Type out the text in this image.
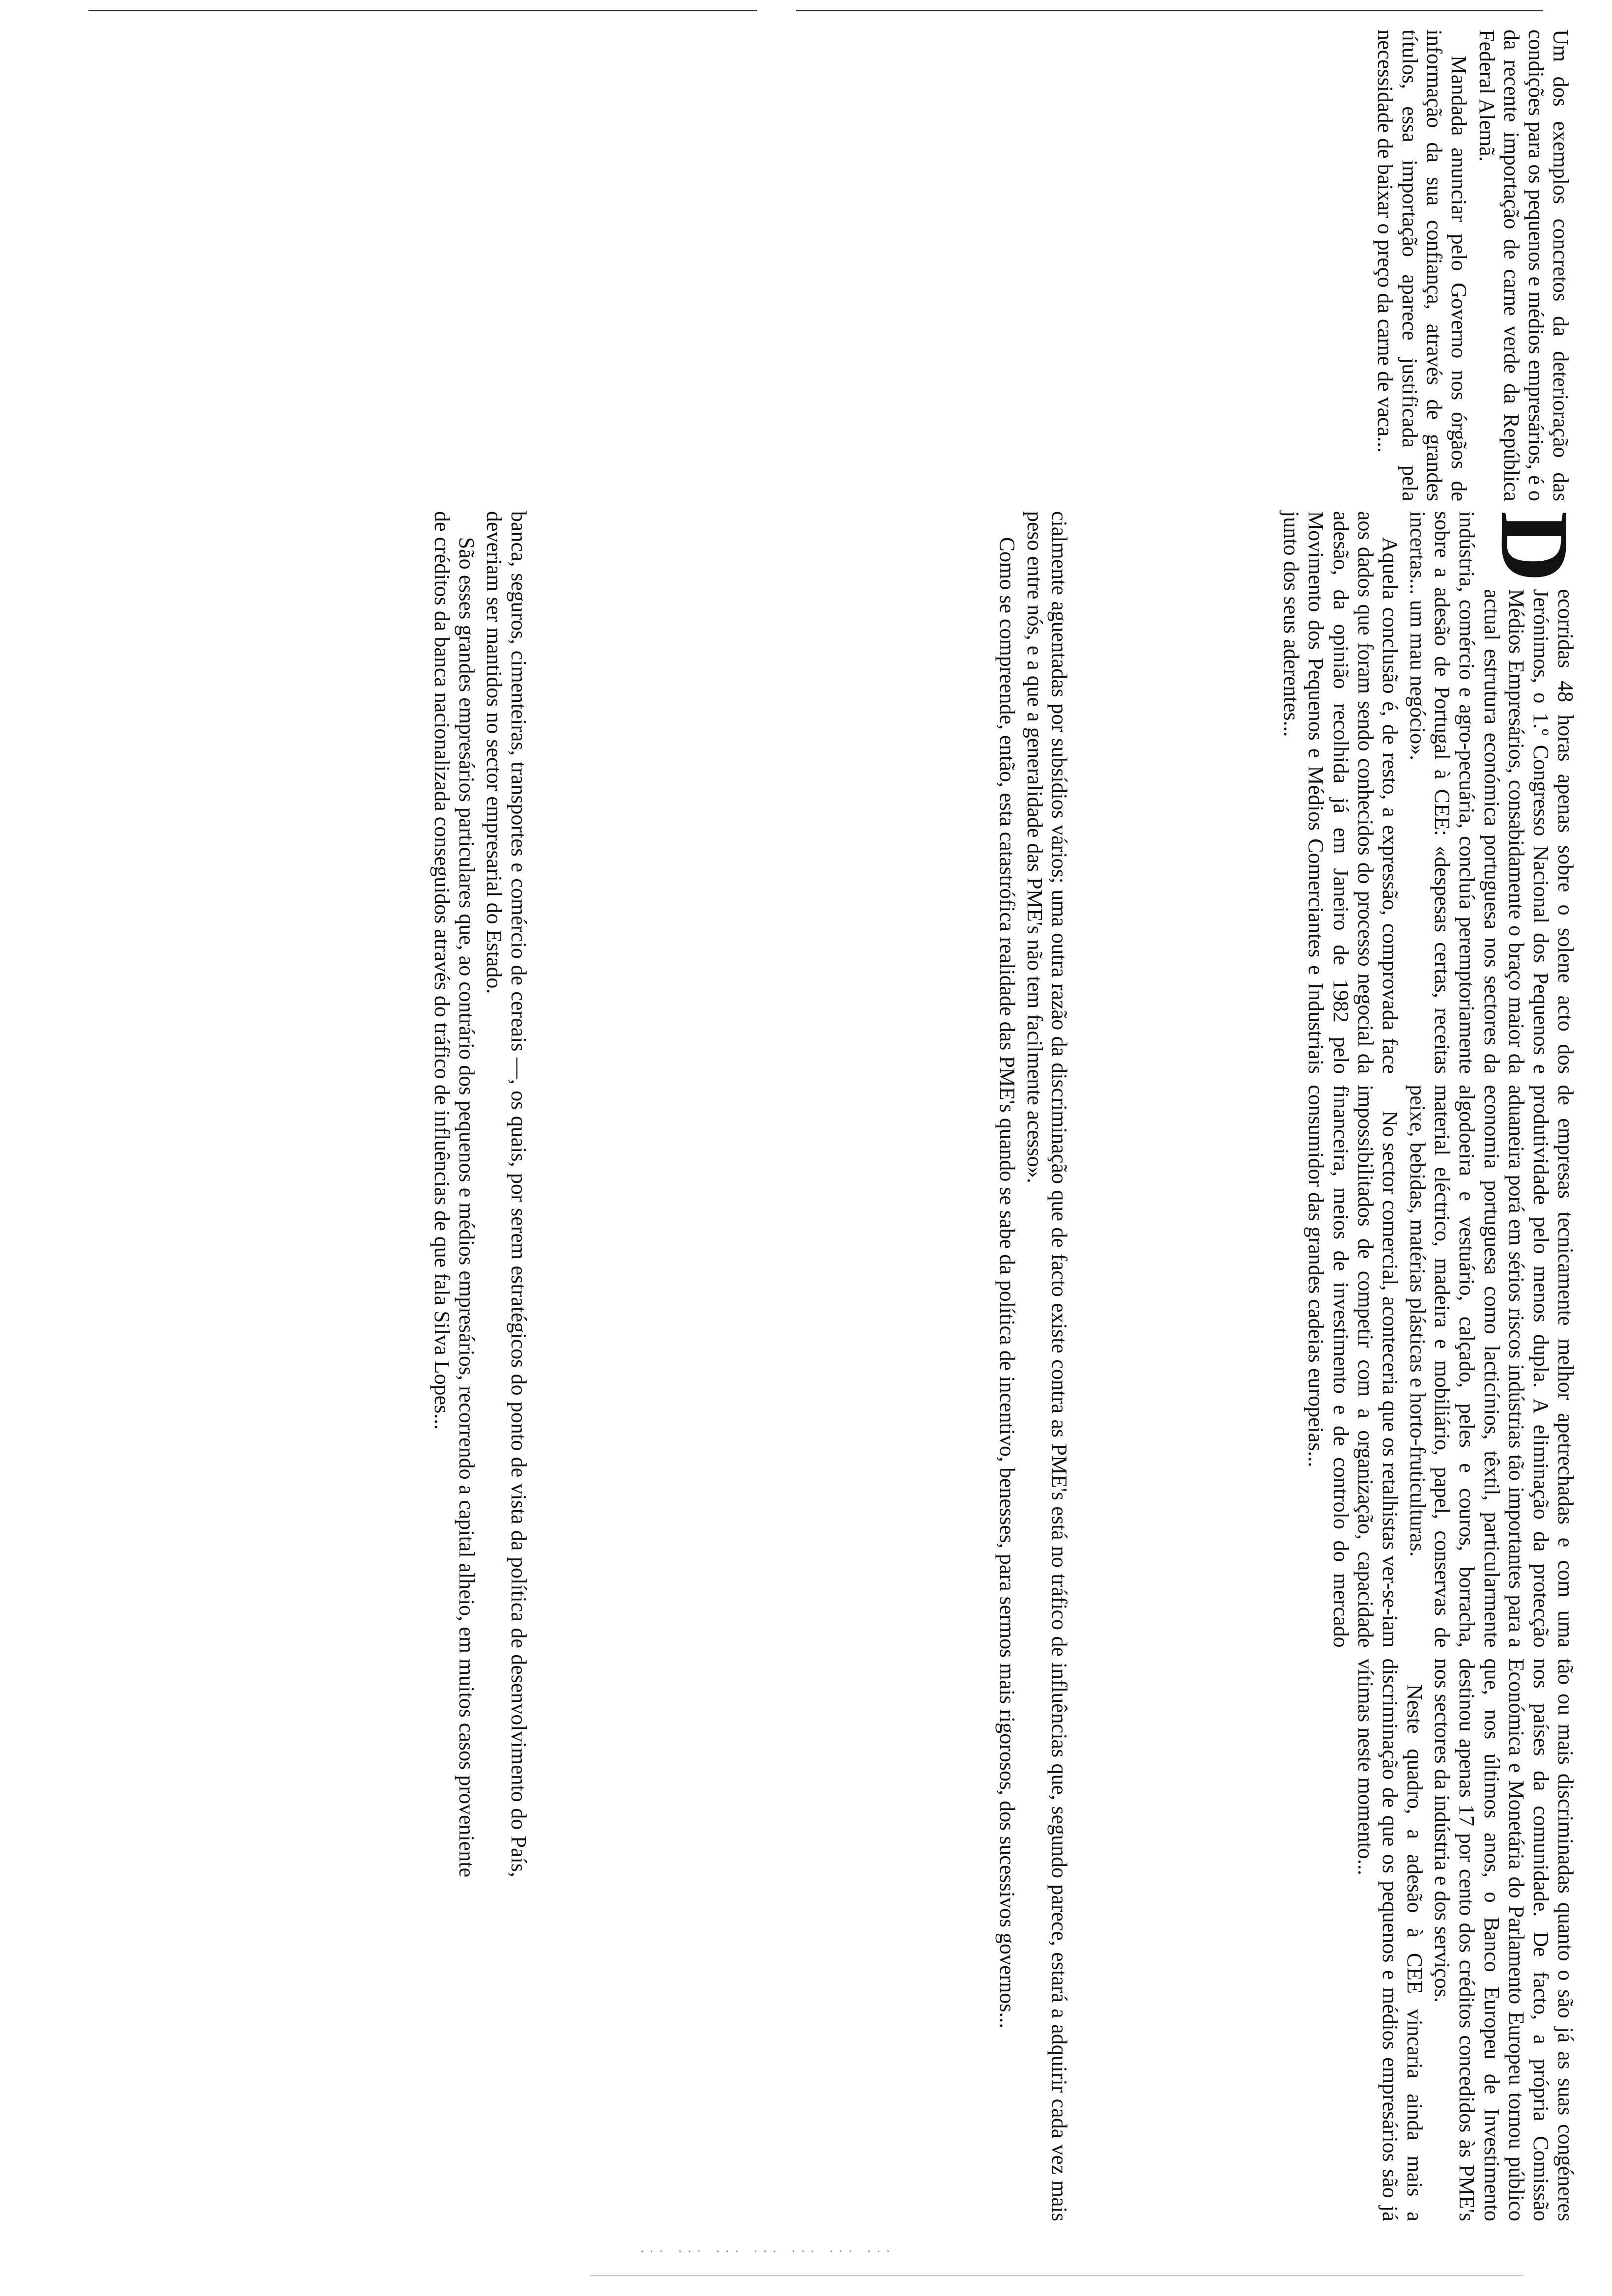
D

ecorridas 48 horas apenas sobre o solene acto dos Jerónimos, o 1.º Congresso Nacional dos Pequenos e Médios Empresários, consabidamente o braço maior da actual estrutura económica portuguesa nos sectores da indústria, comércio e agro-pecuária, concluía peremptoriamente sobre a adesão de Portugal à CEE: «despesas certas, receitas incertas... um mau negócio».

Aquela conclusão é, de resto, a expressão, comprovada face aos dados que foram sendo conhecidos do processo negocial da adesão, da opinião recolhida já em Janeiro de 1982 pelo Movimento dos Pequenos e Médios Comerciantes e Industriais junto dos seus aderentes...

de empresas tecnicamente melhor apetrechadas e com uma produtividade pelo menos dupla. A eliminação da protecção aduaneira porá em sérios riscos indústrias tão importantes para a economia portuguesa como lacticínios, têxtil, particularmente algodoeira e vestuário, calçado, peles e couros, borracha, material eléctrico, madeira e mobiliário, papel, conservas de peixe, bebidas, matérias plásticas e horto-fruticulturas.

No sector comercial, aconteceria que os retalhistas ver-se-iam impossibilitados de competir com a organização, capacidade financeira, meios de investimento e de controlo do mercado consumidor das grandes cadeias europeias...

tão ou mais discriminadas quanto o são já as suas congéneres nos países da comunidade. De facto, a própria Comissão Económica e Monetária do Parlamento Europeu tornou público que, nos últimos anos, o Banco Europeu de Investimento destinou apenas 17 por cento dos créditos concedidos às PME's nos sectores da indústria e dos serviços.

Neste quadro, a adesão à CEE vincaria ainda mais a discriminação de que os pequenos e médios empresários são já vítimas neste momento...

cialmente aguentadas por subsídios vários; uma outra razão da discriminação que de facto existe contra as PME's está no tráfico de influências que, segundo parece, estará a adquirir cada vez mais peso entre nós, e a que a generalidade das PME's não tem facilmente acesso».

Como se compreende, então, esta catastrófica realidade das PME's quando se sabe da política de incentivo, benesses, para sermos mais rigorosos, dos sucessivos governos...

banca, seguros, cimenteiras, transportes e comércio de cereais —, os quais, por serem estratégicos do ponto de vista da política de desenvolvimento do País, deveriam ser mantidos no sector empresarial do Estado.

São esses grandes empresários particulares que, ao contrário dos pequenos e médios empresários, recorrendo a capital alheio, em muitos casos proveniente de créditos da banca nacionalizada conseguidos através do tráfico de influências de que fala Silva Lopes...

Um dos exemplos concretos da deterioração das condições para os pequenos e médios empresários, é o da recente importação de carne verde da República Federal Alemã.

Mandada anunciar pelo Governo nos órgãos de informação da sua confiança, através de grandes títulos, essa importação aparece justificada pela necessidade de baixar o preço da carne de vaca...

··· ··· ··· ··· ··· ··· ···
